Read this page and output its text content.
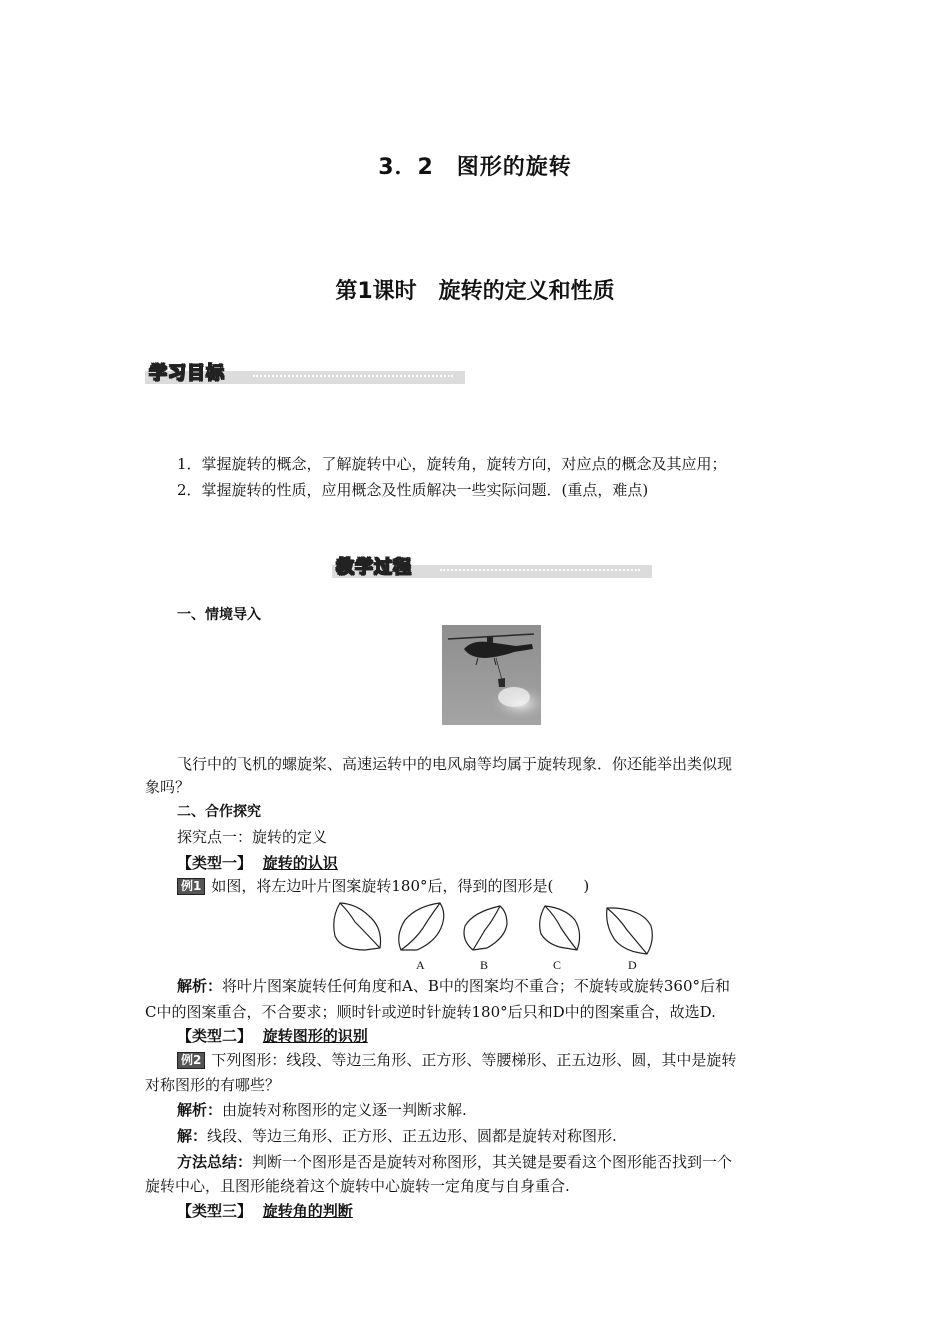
3．2　图形的旋转
第1课时　旋转的定义和性质
学习目标
1．掌握旋转的概念，了解旋转中心，旋转角，旋转方向，对应点的概念及其应用；
2．掌握旋转的性质，应用概念及性质解决一些实际问题．(重点，难点)
教学过程
一、情境导入
飞行中的飞机的螺旋桨、高速运转中的电风扇等均属于旋转现象．你还能举出类似现
象吗？
二、合作探究
探究点一：旋转的定义
【类型一】 旋转的认识
例1 如图，将左边叶片图案旋转180°后，得到的图形是(　　)
A	B	C	D
解析：将叶片图案旋转任何角度和A、B中的图案均不重合；不旋转或旋转360°后和
C中的图案重合，不合要求；顺时针或逆时针旋转180°后只和D中的图案重合，故选D.
【类型二】 旋转图形的识别
例2 下列图形：线段、等边三角形、正方形、等腰梯形、正五边形、圆，其中是旋转
对称图形的有哪些？
解析：由旋转对称图形的定义逐一判断求解.
解：线段、等边三角形、正方形、正五边形、圆都是旋转对称图形.
方法总结：判断一个图形是否是旋转对称图形，其关键是要看这个图形能否找到一个
旋转中心，且图形能绕着这个旋转中心旋转一定角度与自身重合.
【类型三】 旋转角的判断
